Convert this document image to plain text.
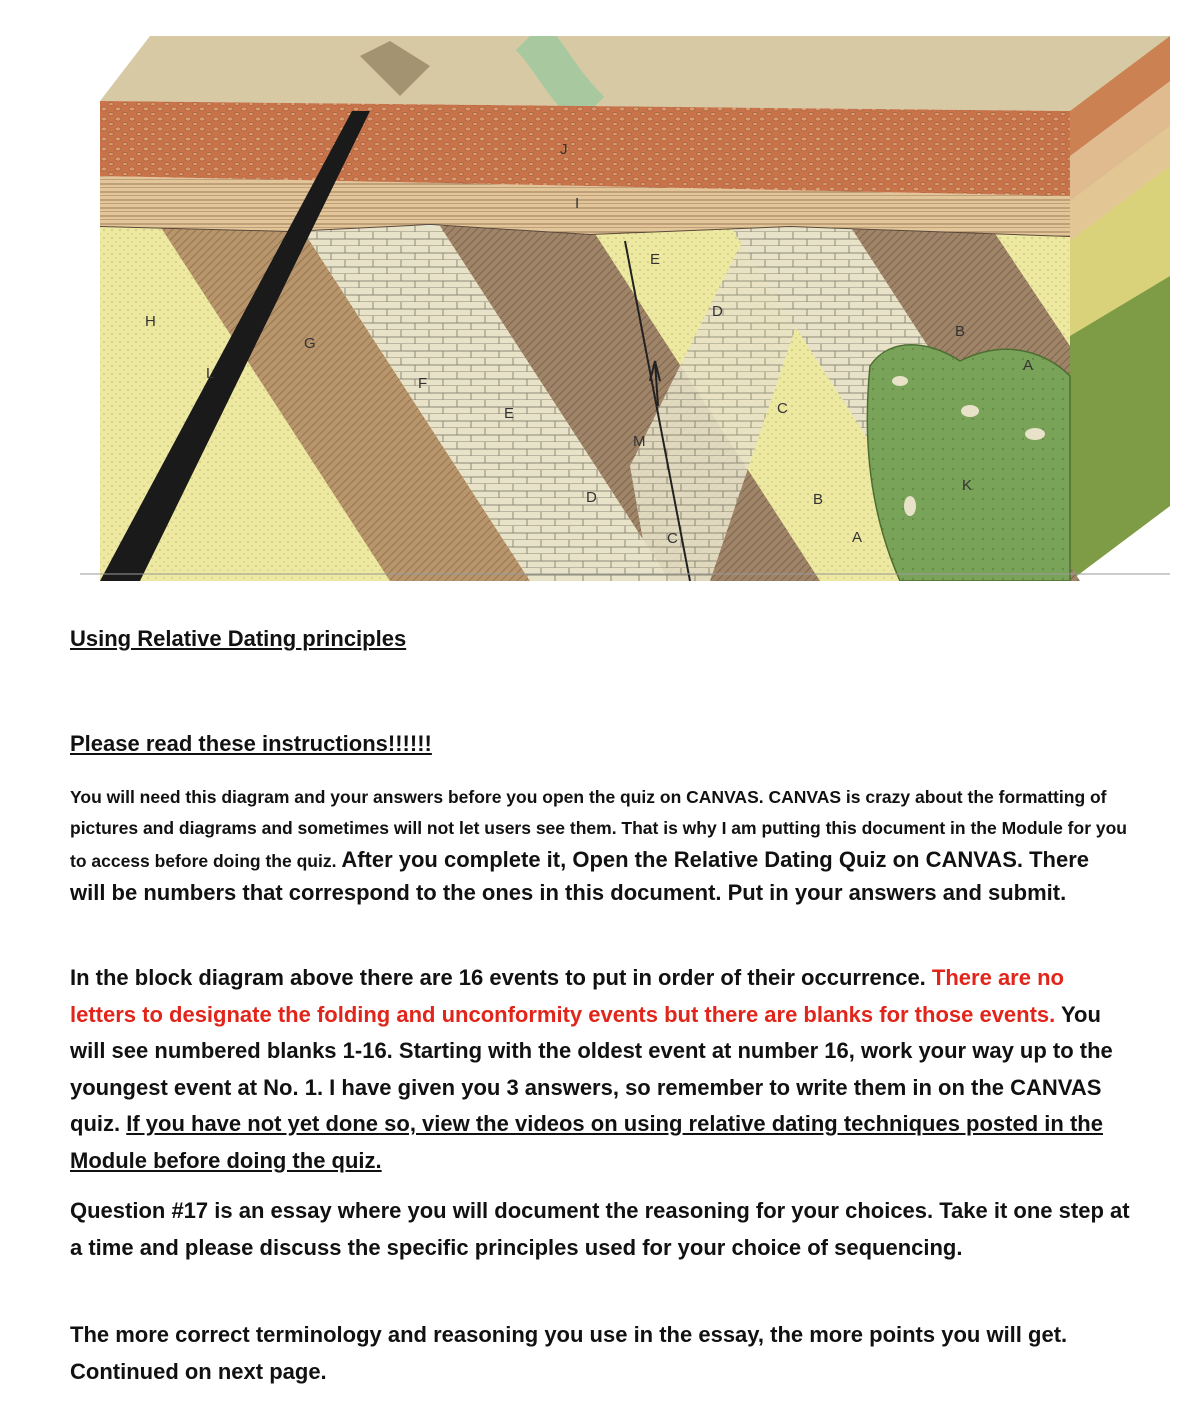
J
I
H
G
L
F
E
E
M
D
D
C
C
B
B
A
A
K
Using Relative Dating principles
Please read these instructions!!!!!!

You will need this diagram and your answers before you open the quiz on CANVAS. CANVAS is crazy about the formatting of pictures and diagrams and sometimes will not let users see them. That is why I am putting this document in the Module for you to access before doing the quiz. After you complete it, Open the Relative Dating Quiz on CANVAS. There will be numbers that correspond to the ones in this document. Put in your answers and submit.

In the block diagram above there are 16 events to put in order of their occurrence. There are no letters to designate the folding and unconformity events but there are blanks for those events. You will see numbered blanks 1-16. Starting with the oldest event at number 16, work your way up to the youngest event at No. 1. I have given you 3 answers, so remember to write them in on the CANVAS quiz. If you have not yet done so, view the videos on using relative dating techniques posted in the Module before doing the quiz.

Question #17 is an essay where you will document the reasoning for your choices. Take it one step at a time and please discuss the specific principles used for your choice of sequencing.

The more correct terminology and reasoning you use in the essay, the more points you will get. Continued on next page.
